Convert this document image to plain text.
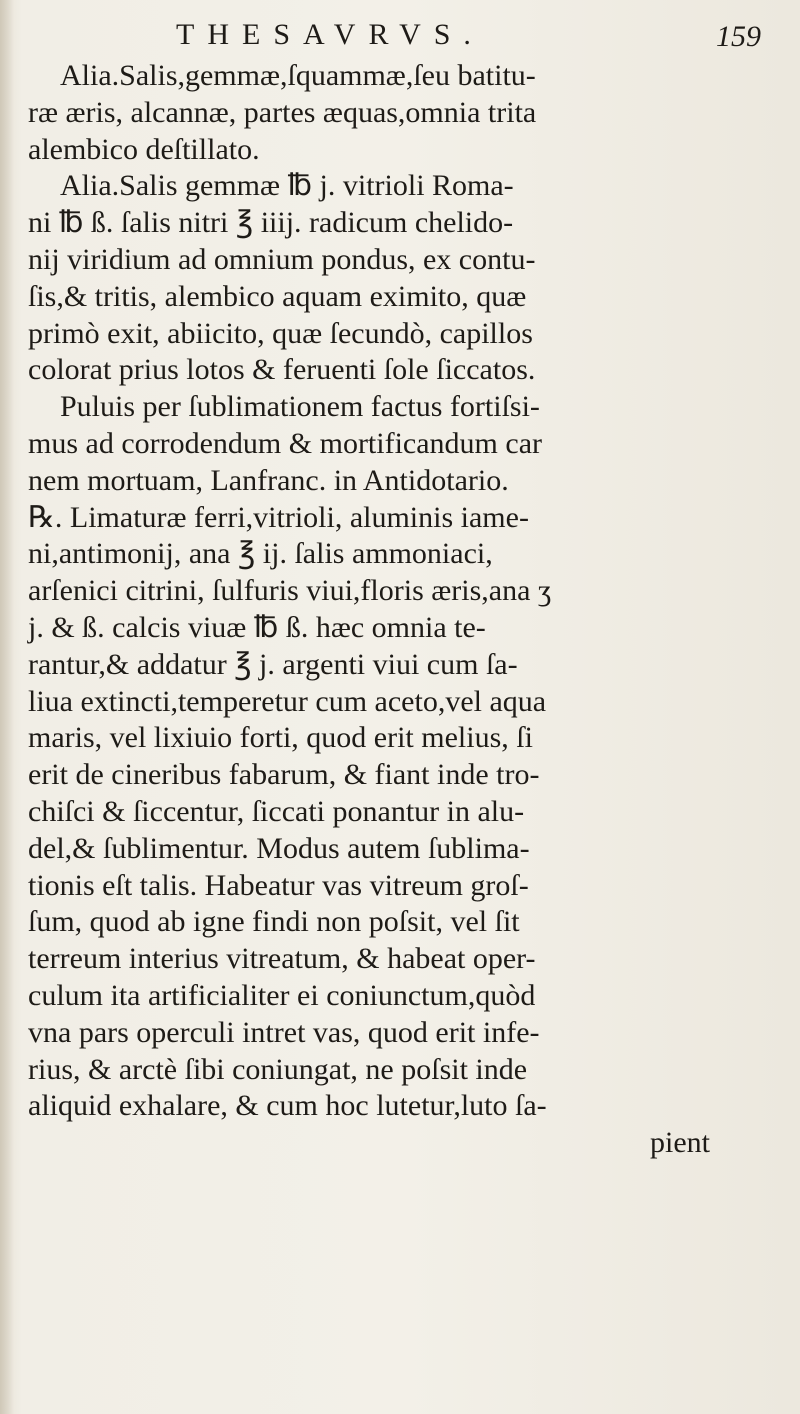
THESAVRVS.	159
Alia.Salis,gemmæ,ſquammæ,ſeu batitu-
ræ æris, alcannæ, partes æquas,omnia trita
alembico deſtillato.
Alia.Salis gemmæ ℔ j. vitrioli Roma-
ni ℔ ß. ſalis nitri ℥ iiij. radicum chelido-
nij viridium ad omnium pondus, ex contu-
ſis,& tritis, alembico aquam eximito, quæ
primò exit, abiicito, quæ ſecundò, capillos
colorat prius lotos & feruenti ſole ſiccatos.
Puluis per ſublimationem factus fortiſsi-
mus ad corrodendum & mortificandum car
nem mortuam, Lanfranc. in Antidotario.
℞. Limaturæ ferri,vitrioli, aluminis iame-
ni,antimonij, ana ℥ ij. ſalis ammoniaci,
arſenici citrini, ſulfuris viui,floris æris,ana ʒ
j. & ß. calcis viuæ ℔ ß. hæc omnia te-
rantur,& addatur ℥ j. argenti viui cum ſa-
liua extincti,temperetur cum aceto,vel aqua
maris, vel lixiuio forti, quod erit melius, ſi
erit de cineribus fabarum, & fiant inde tro-
chiſci & ſiccentur, ſiccati ponantur in alu-
del,& ſublimentur. Modus autem ſublima-
tionis eſt talis. Habeatur vas vitreum groſ-
ſum, quod ab igne findi non poſsit, vel ſit
terreum interius vitreatum, & habeat oper-
culum ita artificialiter ei coniunctum,quòd
vna pars operculi intret vas, quod erit infe-
rius, & arctè ſibi coniungat, ne poſsit inde
aliquid exhalare, & cum hoc lutetur,luto ſa-
pient
